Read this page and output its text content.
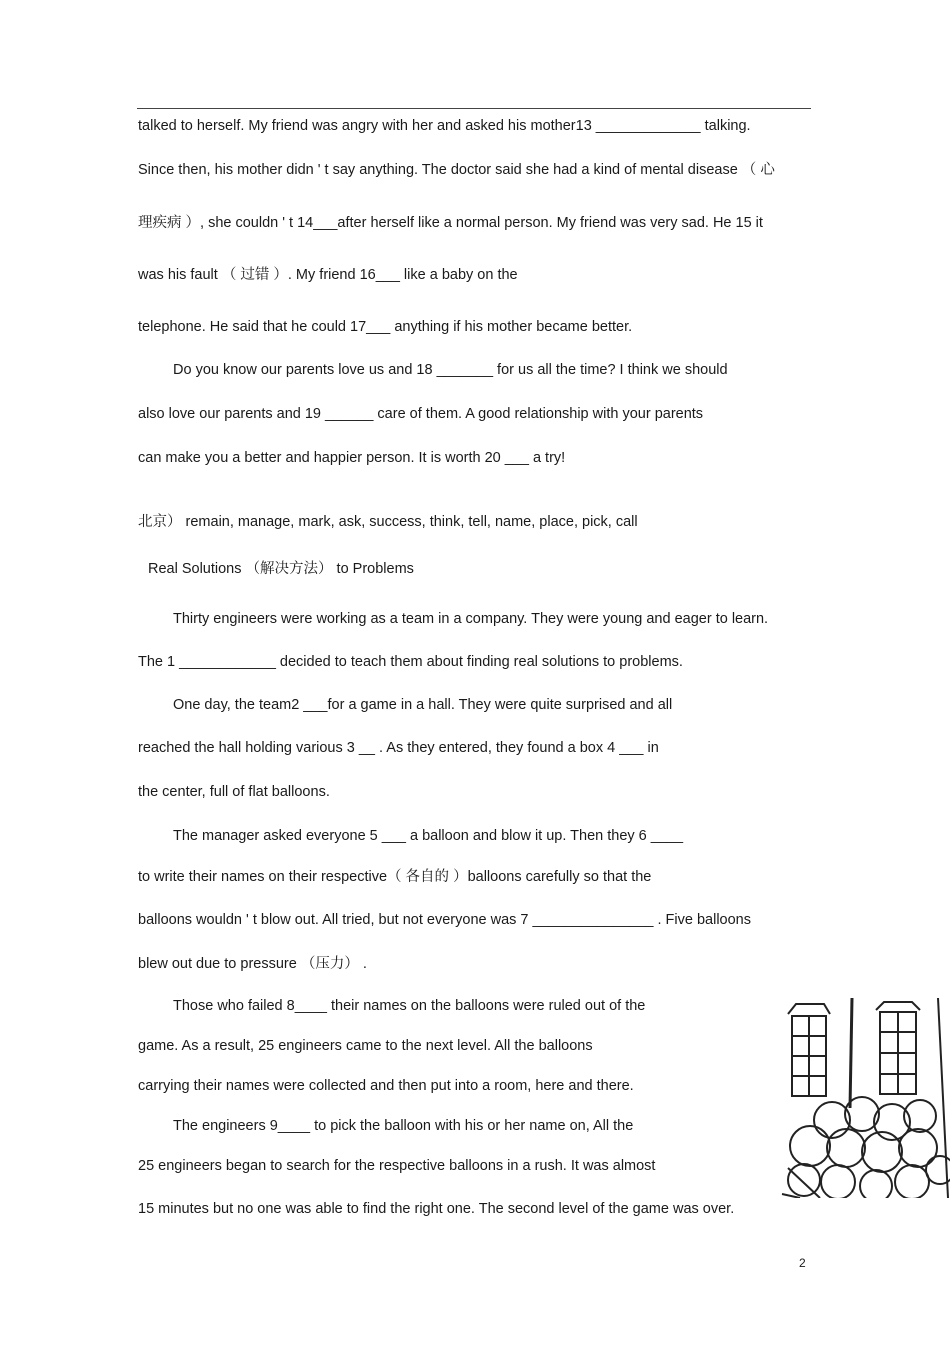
talked to herself. My friend was angry with her and asked his mother13 _____________ talking.
Since then, his mother didn ' t say anything. The doctor said she had a kind of mental disease （ 心
理疾病 ）, she couldn ' t 14___after herself like a normal person. My friend was very sad. He 15 it
was his fault （ 过错 ）. My friend 16___ like a baby on the
telephone. He said that he could 17___ anything if his mother became better.
Do you know our parents love us and 18 _______ for us all the time? I think we should
also love our parents and 19 ______ care of them. A good relationship with your parents
can make you a better and happier person. It is worth 20 ___ a try!
北京） remain, manage, mark, ask, success, think, tell, name, place, pick, call
Real Solutions （解决方法） to Problems
Thirty engineers were working as a team in a company. They were young and eager to learn.
The 1 ____________ decided to teach them about finding real solutions to problems.
One day, the team2 ___for a game in a hall. They were quite surprised and all
reached the hall holding various 3 __ . As they entered, they found a box 4 ___ in
the center, full of flat balloons.
The manager asked everyone 5 ___ a balloon and blow it up. Then they 6 ____
to write their names on their respective（ 各自的 ）balloons carefully so that the
balloons wouldn ' t blow out. All tried, but not everyone was 7 _______________ . Five balloons
blew out due to pressure （压力） .
Those who failed 8____ their names on the balloons were ruled out of the
game. As a result, 25 engineers came to the next level. All the balloons
carrying their names were collected and then put into a room, here and there.
The engineers 9____ to pick the balloon with his or her name on, All the
25 engineers began to search for the respective balloons in a rush. It was almost
15 minutes but no one was able to find the right one. The second level of the game was over.
2
